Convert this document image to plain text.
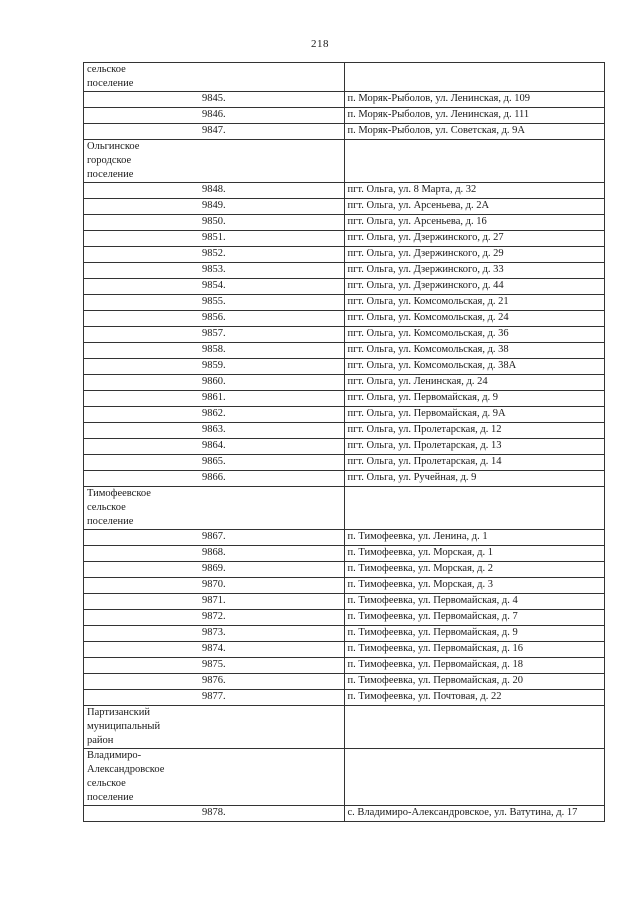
218
сельское
поселение	

9845.	п. Моряк-Рыболов, ул. Ленинская, д. 109
9846.	п. Моряк-Рыболов, ул. Ленинская, д. 111
9847.	п. Моряк-Рыболов, ул. Советская, д. 9А

Ольгинское
городское
поселение	

9848.	пгт. Ольга, ул. 8 Марта, д. 32
9849.	пгт. Ольга, ул. Арсеньева, д. 2А
9850.	пгт. Ольга, ул. Арсеньева, д. 16
9851.	пгт. Ольга, ул. Дзержинского, д. 27
9852.	пгт. Ольга, ул. Дзержинского, д. 29
9853.	пгт. Ольга, ул. Дзержинского, д. 33
9854.	пгт. Ольга, ул. Дзержинского, д. 44
9855.	пгт. Ольга, ул. Комсомольская, д. 21
9856.	пгт. Ольга, ул. Комсомольская, д. 24
9857.	пгт. Ольга, ул. Комсомольская, д. 36
9858.	пгт. Ольга, ул. Комсомольская, д. 38
9859.	пгт. Ольга, ул. Комсомольская, д. 38А
9860.	пгт. Ольга, ул. Ленинская, д. 24
9861.	пгт. Ольга, ул. Первомайская, д. 9
9862.	пгт. Ольга, ул. Первомайская, д. 9А
9863.	пгт. Ольга, ул. Пролетарская, д. 12
9864.	пгт. Ольга, ул. Пролетарская, д. 13
9865.	пгт. Ольга, ул. Пролетарская, д. 14
9866.	пгт. Ольга, ул. Ручейная, д. 9

Тимофеевское
сельское
поселение	

9867.	п. Тимофеевка, ул. Ленина, д. 1
9868.	п. Тимофеевка, ул. Морская, д. 1
9869.	п. Тимофеевка, ул. Морская, д. 2
9870.	п. Тимофеевка, ул. Морская, д. 3
9871.	п. Тимофеевка, ул. Первомайская, д. 4
9872.	п. Тимофеевка, ул. Первомайская, д. 7
9873.	п. Тимофеевка, ул. Первомайская, д. 9
9874.	п. Тимофеевка, ул. Первомайская, д. 16
9875.	п. Тимофеевка, ул. Первомайская, д. 18
9876.	п. Тимофеевка, ул. Первомайская, д. 20
9877.	п. Тимофеевка, ул. Почтовая, д. 22

Партизанский
муниципальный
район	

Владимиро-
Александровское
сельское
поселение	

9878.	с. Владимиро-Александровское, ул. Ватутина, д. 17
